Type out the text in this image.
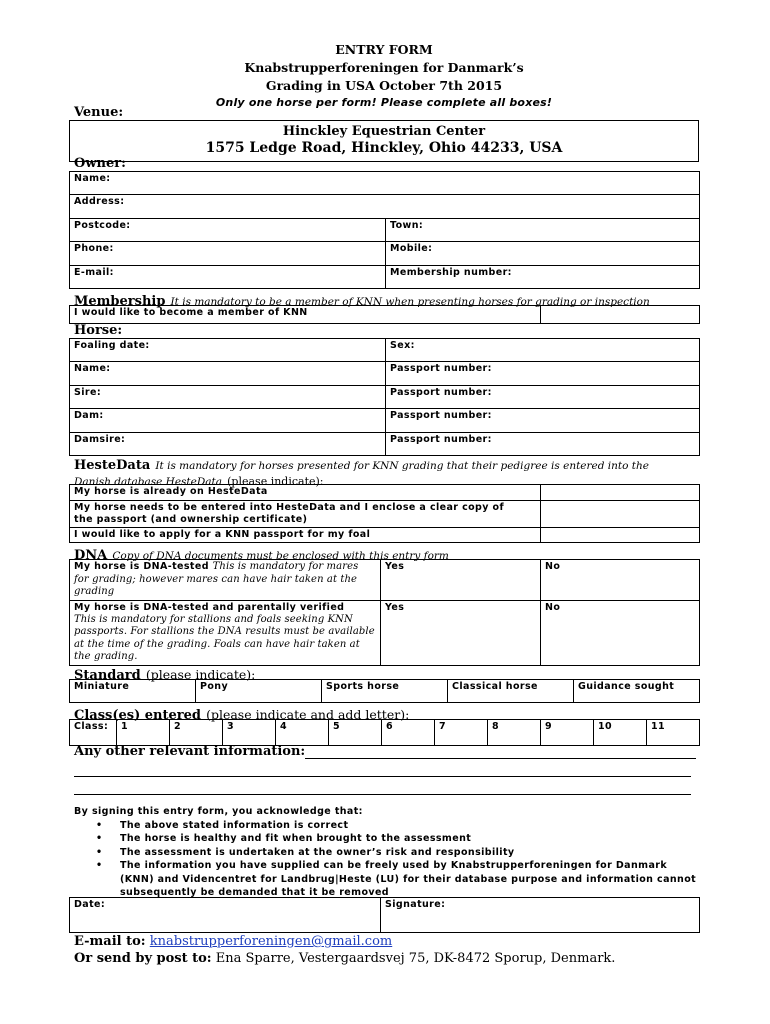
ENTRY FORM
Knabstrupperforeningen for Danmark’s
Grading in USA October 7th 2015
Only one horse per form! Please complete all boxes!
Venue:
Hinckley Equestrian Center
1575 Ledge Road, Hinckley, Ohio 44233, USA
Owner:
Name:	
Address:	
Postcode:	Town:
Phone:	Mobile:
E-mail:	Membership number:
Membership It is mandatory to be a member of KNN when presenting horses for grading or inspection
I would like to become a member of KNN	
Horse:
Foaling date:	Sex:
Name:	Passport number:
Sire:	Passport number:
Dam:	Passport number:
Damsire:	Passport number:
HesteData It is mandatory for horses presented for KNN grading that their pedigree is entered into the
Danish database HesteData (please indicate):
My horse is already on HesteData	

My horse needs to be entered into HesteData and I enclose a clear copy of
the passport (and ownership certificate)	

I would like to apply for a KNN passport for my foal	
DNA Copy of DNA documents must be enclosed with this entry form
My horse is DNA-tested This is mandatory for mares for grading; however mares can have hair taken at the grading	Yes	No

My horse is DNA-tested and parentally verified
This is mandatory for stallions and foals seeking KNN passports. For stallions the DNA results must be available at the time of the grading. Foals can have hair taken at the grading.	Yes	No
Standard (please indicate):
Miniature	Pony	Sports horse	Classical horse	Guidance sought
Class(es) entered (please indicate and add letter):
Class:	1	2	3	4	5	6	7	8	9	10	11
Any other relevant information:
By signing this entry form, you acknowledge that:
• The above stated information is correct
• The horse is healthy and fit when brought to the assessment
• The assessment is undertaken at the owner’s risk and responsibility
• The information you have supplied can be freely used by Knabstrupperforeningen for Danmark (KNN) and Videncentret for Landbrug|Heste (LU) for their database purpose and information cannot subsequently be demanded that it be removed
Date:	Signature:
E-mail to: knabstrupperforeningen@gmail.com
Or send by post to: Ena Sparre, Vestergaardsvej 75, DK-8472 Sporup, Denmark.
